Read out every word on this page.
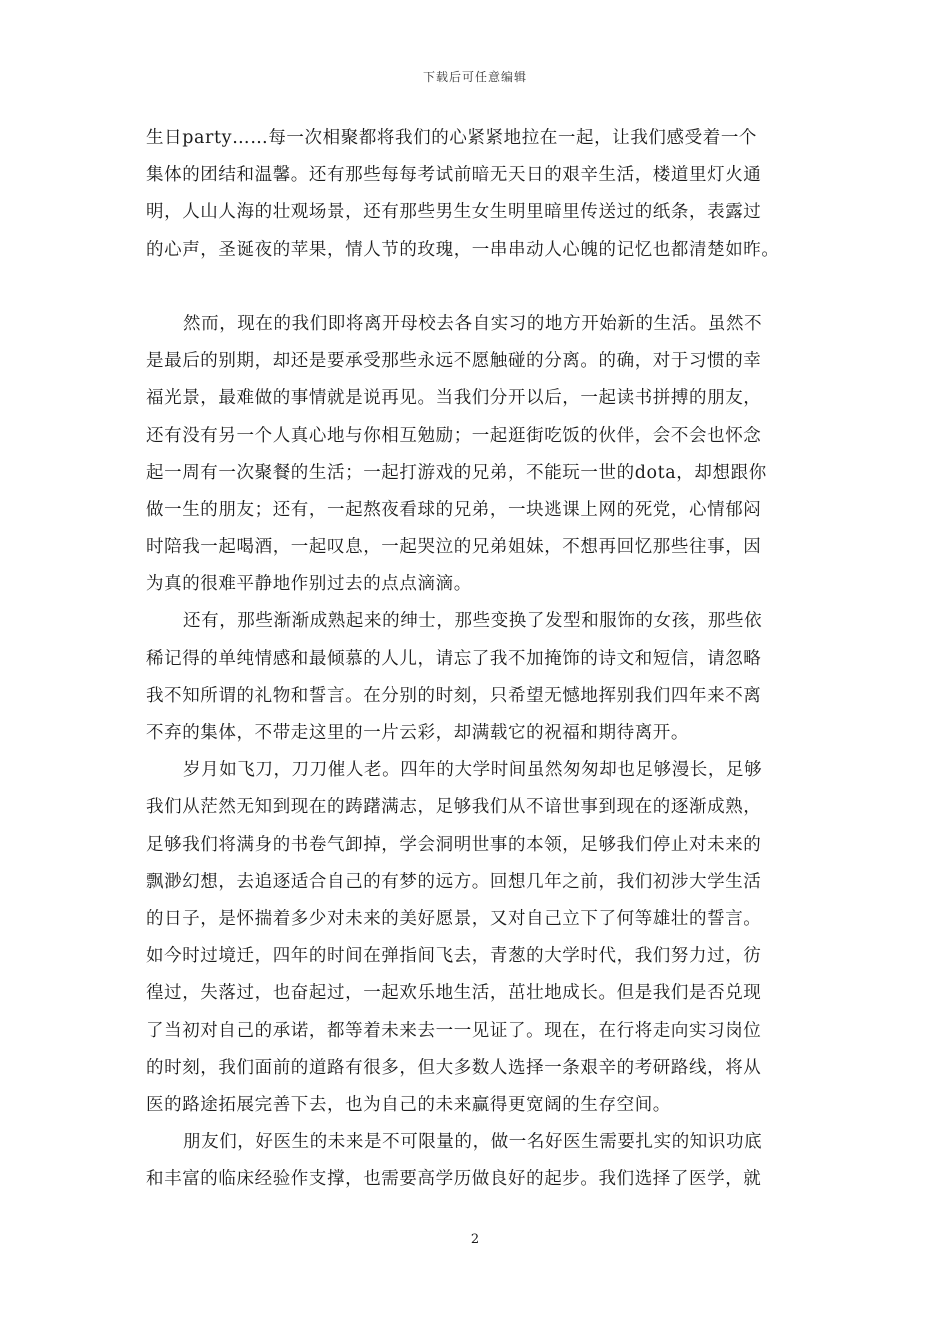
下载后可任意编辑
生日party……每一次相聚都将我们的心紧紧地拉在一起，让我们感受着一个
集体的团结和温馨。还有那些每每考试前暗无天日的艰辛生活，楼道里灯火通
明，人山人海的壮观场景，还有那些男生女生明里暗里传送过的纸条，表露过
的心声，圣诞夜的苹果，情人节的玫瑰，一串串动人心魄的记忆也都清楚如昨。
然而，现在的我们即将离开母校去各自实习的地方开始新的生活。虽然不
是最后的别期，却还是要承受那些永远不愿触碰的分离。的确，对于习惯的幸
福光景，最难做的事情就是说再见。当我们分开以后，一起读书拼搏的朋友，
还有没有另一个人真心地与你相互勉励；一起逛街吃饭的伙伴，会不会也怀念
起一周有一次聚餐的生活；一起打游戏的兄弟，不能玩一世的dota，却想跟你
做一生的朋友；还有，一起熬夜看球的兄弟，一块逃课上网的死党，心情郁闷
时陪我一起喝酒，一起叹息，一起哭泣的兄弟姐妹，不想再回忆那些往事，因
为真的很难平静地作别过去的点点滴滴。
还有，那些渐渐成熟起来的绅士，那些变换了发型和服饰的女孩，那些依
稀记得的单纯情感和最倾慕的人儿，请忘了我不加掩饰的诗文和短信，请忽略
我不知所谓的礼物和誓言。在分别的时刻，只希望无憾地挥别我们四年来不离
不弃的集体，不带走这里的一片云彩，却满载它的祝福和期待离开。
岁月如飞刀，刀刀催人老。四年的大学时间虽然匆匆却也足够漫长，足够
我们从茫然无知到现在的踌躇满志，足够我们从不谙世事到现在的逐渐成熟，
足够我们将满身的书卷气卸掉，学会洞明世事的本领，足够我们停止对未来的
飘渺幻想，去追逐适合自己的有梦的远方。回想几年之前，我们初涉大学生活
的日子，是怀揣着多少对未来的美好愿景，又对自己立下了何等雄壮的誓言。
如今时过境迁，四年的时间在弹指间飞去，青葱的大学时代，我们努力过，彷
徨过，失落过，也奋起过，一起欢乐地生活，茁壮地成长。但是我们是否兑现
了当初对自己的承诺，都等着未来去一一见证了。现在，在行将走向实习岗位
的时刻，我们面前的道路有很多，但大多数人选择一条艰辛的考研路线，将从
医的路途拓展完善下去，也为自己的未来赢得更宽阔的生存空间。
朋友们，好医生的未来是不可限量的，做一名好医生需要扎实的知识功底
和丰富的临床经验作支撑，也需要高学历做良好的起步。我们选择了医学，就
2
